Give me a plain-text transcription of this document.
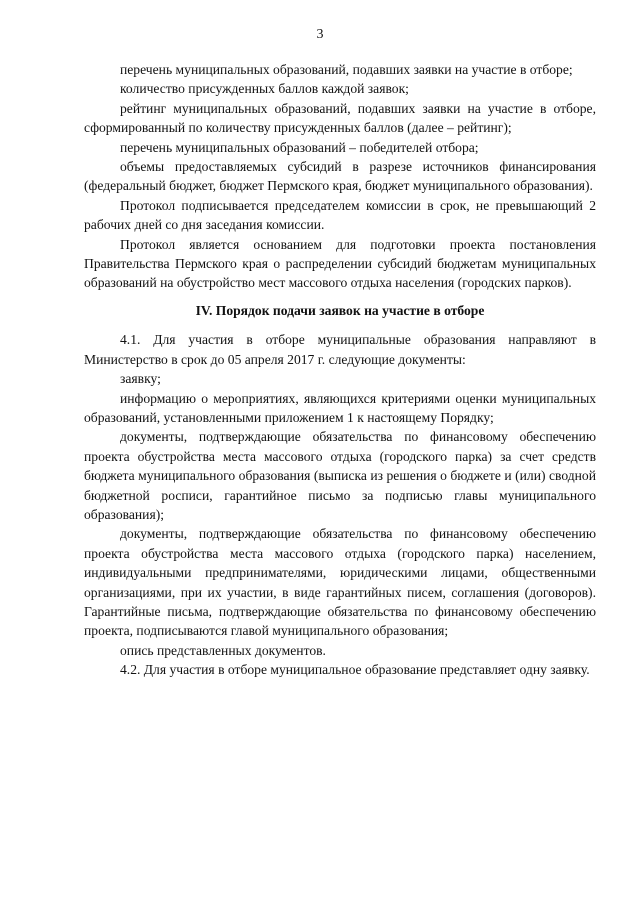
3

перечень муниципальных образований, подавших заявки на участие в отборе;

количество присужденных баллов каждой заявок;

рейтинг муниципальных образований, подавших заявки на участие в отборе, сформированный по количеству присужденных баллов (далее – рейтинг);

перечень муниципальных образований – победителей отбора;

объемы предоставляемых субсидий в разрезе источников финансирования (федеральный бюджет, бюджет Пермского края, бюджет муниципального образования).

Протокол подписывается председателем комиссии в срок, не превышающий 2 рабочих дней со дня заседания комиссии.

Протокол является основанием для подготовки проекта постановления Правительства Пермского края о распределении субсидий бюджетам муниципальных образований на обустройство мест массового отдыха населения (городских парков).

IV. Порядок подачи заявок на участие в отборе

4.1. Для участия в отборе муниципальные образования направляют в Министерство в срок до 05 апреля 2017 г. следующие документы:

заявку;

информацию о мероприятиях, являющихся критериями оценки муниципальных образований, установленными приложением 1 к настоящему Порядку;

документы, подтверждающие обязательства по финансовому обеспечению проекта обустройства места массового отдыха (городского парка) за счет средств бюджета муниципального образования (выписка из решения о бюджете и (или) сводной бюджетной росписи, гарантийное письмо за подписью главы муниципального образования);

документы, подтверждающие обязательства по финансовому обеспечению проекта обустройства места массового отдыха (городского парка) населением, индивидуальными предпринимателями, юридическими лицами, общественными организациями, при их участии, в виде гарантийных писем, соглашения (договоров). Гарантийные письма, подтверждающие обязательства по финансовому обеспечению проекта, подписываются главой муниципального образования;

опись представленных документов.

4.2. Для участия в отборе муниципальное образование представляет одну заявку.
